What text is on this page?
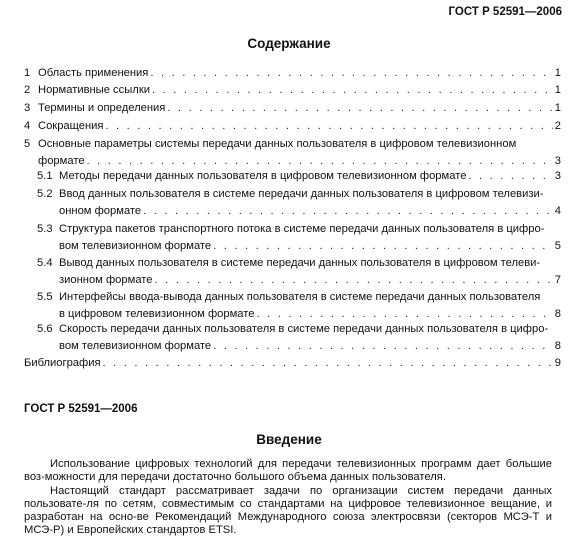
ГОСТ Р 52591—2006
Содержание
1 Область применения . . .	1
2 Нормативные ссылки . . .	1
3 Термины и определения . . .	1
4 Сокращения . . .	2
5 Основные параметры системы передачи данных пользователя в цифровом телевизионном
формате . . .	3
5.1 Методы передачи данных пользователя в цифровом телевизионном формате . . .	3
5.2 Ввод данных пользователя в системе передачи данных пользователя в цифровом телевизи-
онном формате . . .	4
5.3 Структура пакетов транспортного потока в системе передачи данных пользователя в цифро-
вом телевизионном формате . . .	5
5.4 Вывод данных пользователя в системе передачи данных пользователя в цифровом телеви-
зионном формате . . .	7
5.5 Интерфейсы ввода-вывода данных пользователя в системе передачи данных пользователя
в цифровом телевизионном формате . . .	8
5.6 Скорость передачи данных пользователя в системе передачи данных пользователя в цифро-
вом телевизионном формате . . .	8
Библиография . . .	9
ГОСТ Р 52591—2006
Введение

Использование цифровых технологий для передачи телевизионных программ дает большие воз-можности для передачи достаточно большого объема данных пользователя.

Настоящий стандарт рассматривает задачи по организации систем передачи данных пользовате-ля по сетям, совместимым со стандартами на цифровое телевизионное вещание, и разработан на осно-ве Рекомендаций Международного союза электросвязи (секторов МСЭ-Т и МСЭ-Р) и Европейских стандартов ETSI.
